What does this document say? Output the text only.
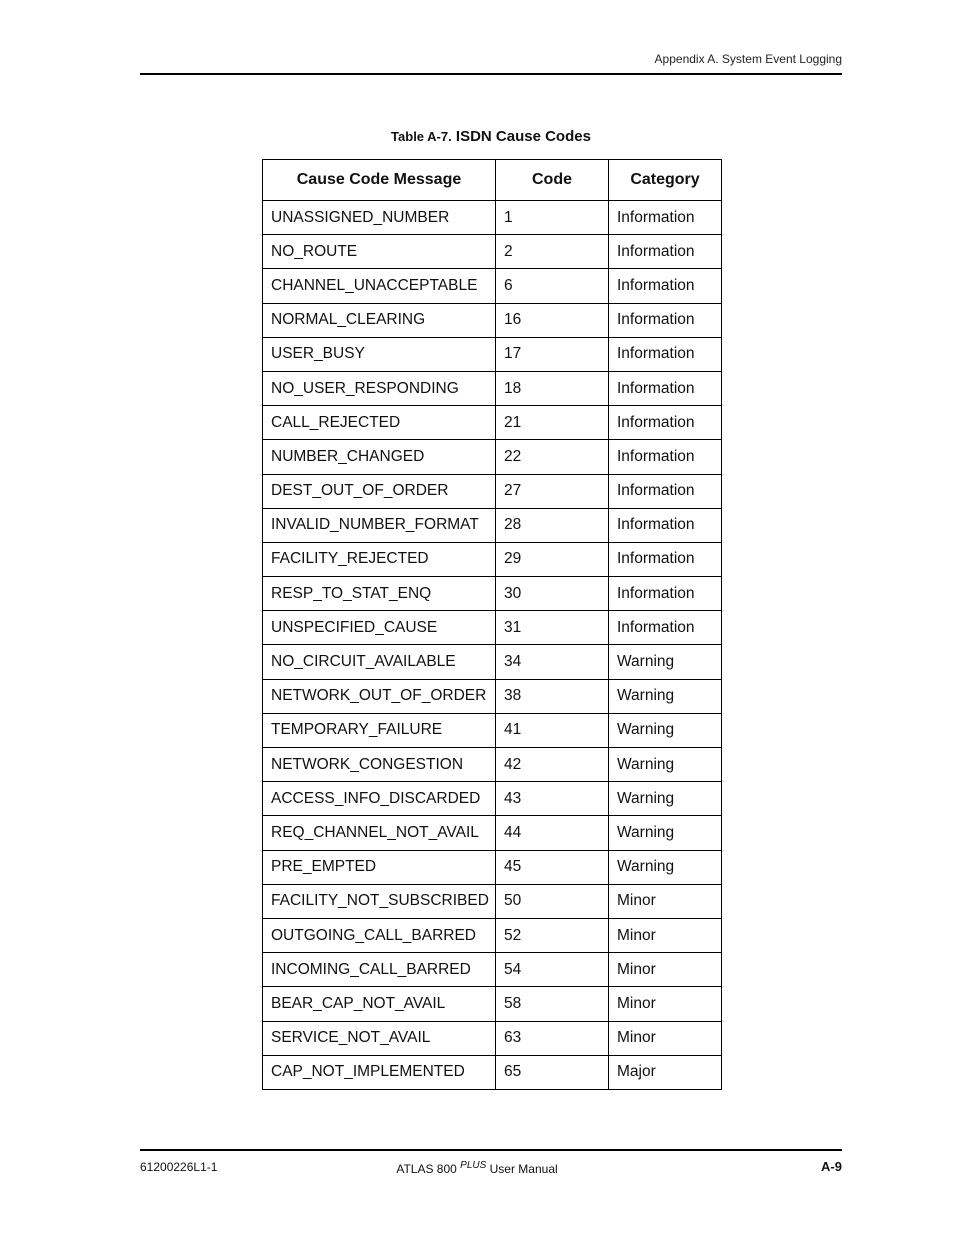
Appendix A. System Event Logging
Table A-7. ISDN Cause Codes
Cause Code Message	Code	Category
UNASSIGNED_NUMBER	1	Information
NO_ROUTE	2	Information
CHANNEL_UNACCEPTABLE	6	Information
NORMAL_CLEARING	16	Information
USER_BUSY	17	Information
NO_USER_RESPONDING	18	Information
CALL_REJECTED	21	Information
NUMBER_CHANGED	22	Information
DEST_OUT_OF_ORDER	27	Information
INVALID_NUMBER_FORMAT	28	Information
FACILITY_REJECTED	29	Information
RESP_TO_STAT_ENQ	30	Information
UNSPECIFIED_CAUSE	31	Information
NO_CIRCUIT_AVAILABLE	34	Warning
NETWORK_OUT_OF_ORDER	38	Warning
TEMPORARY_FAILURE	41	Warning
NETWORK_CONGESTION	42	Warning
ACCESS_INFO_DISCARDED	43	Warning
REQ_CHANNEL_NOT_AVAIL	44	Warning
PRE_EMPTED	45	Warning
FACILITY_NOT_SUBSCRIBED	50	Minor
OUTGOING_CALL_BARRED	52	Minor
INCOMING_CALL_BARRED	54	Minor
BEAR_CAP_NOT_AVAIL	58	Minor
SERVICE_NOT_AVAIL	63	Minor
CAP_NOT_IMPLEMENTED	65	Major
61200226L1-1	ATLAS 800 $^{PLUS}$ User Manual	A-9
